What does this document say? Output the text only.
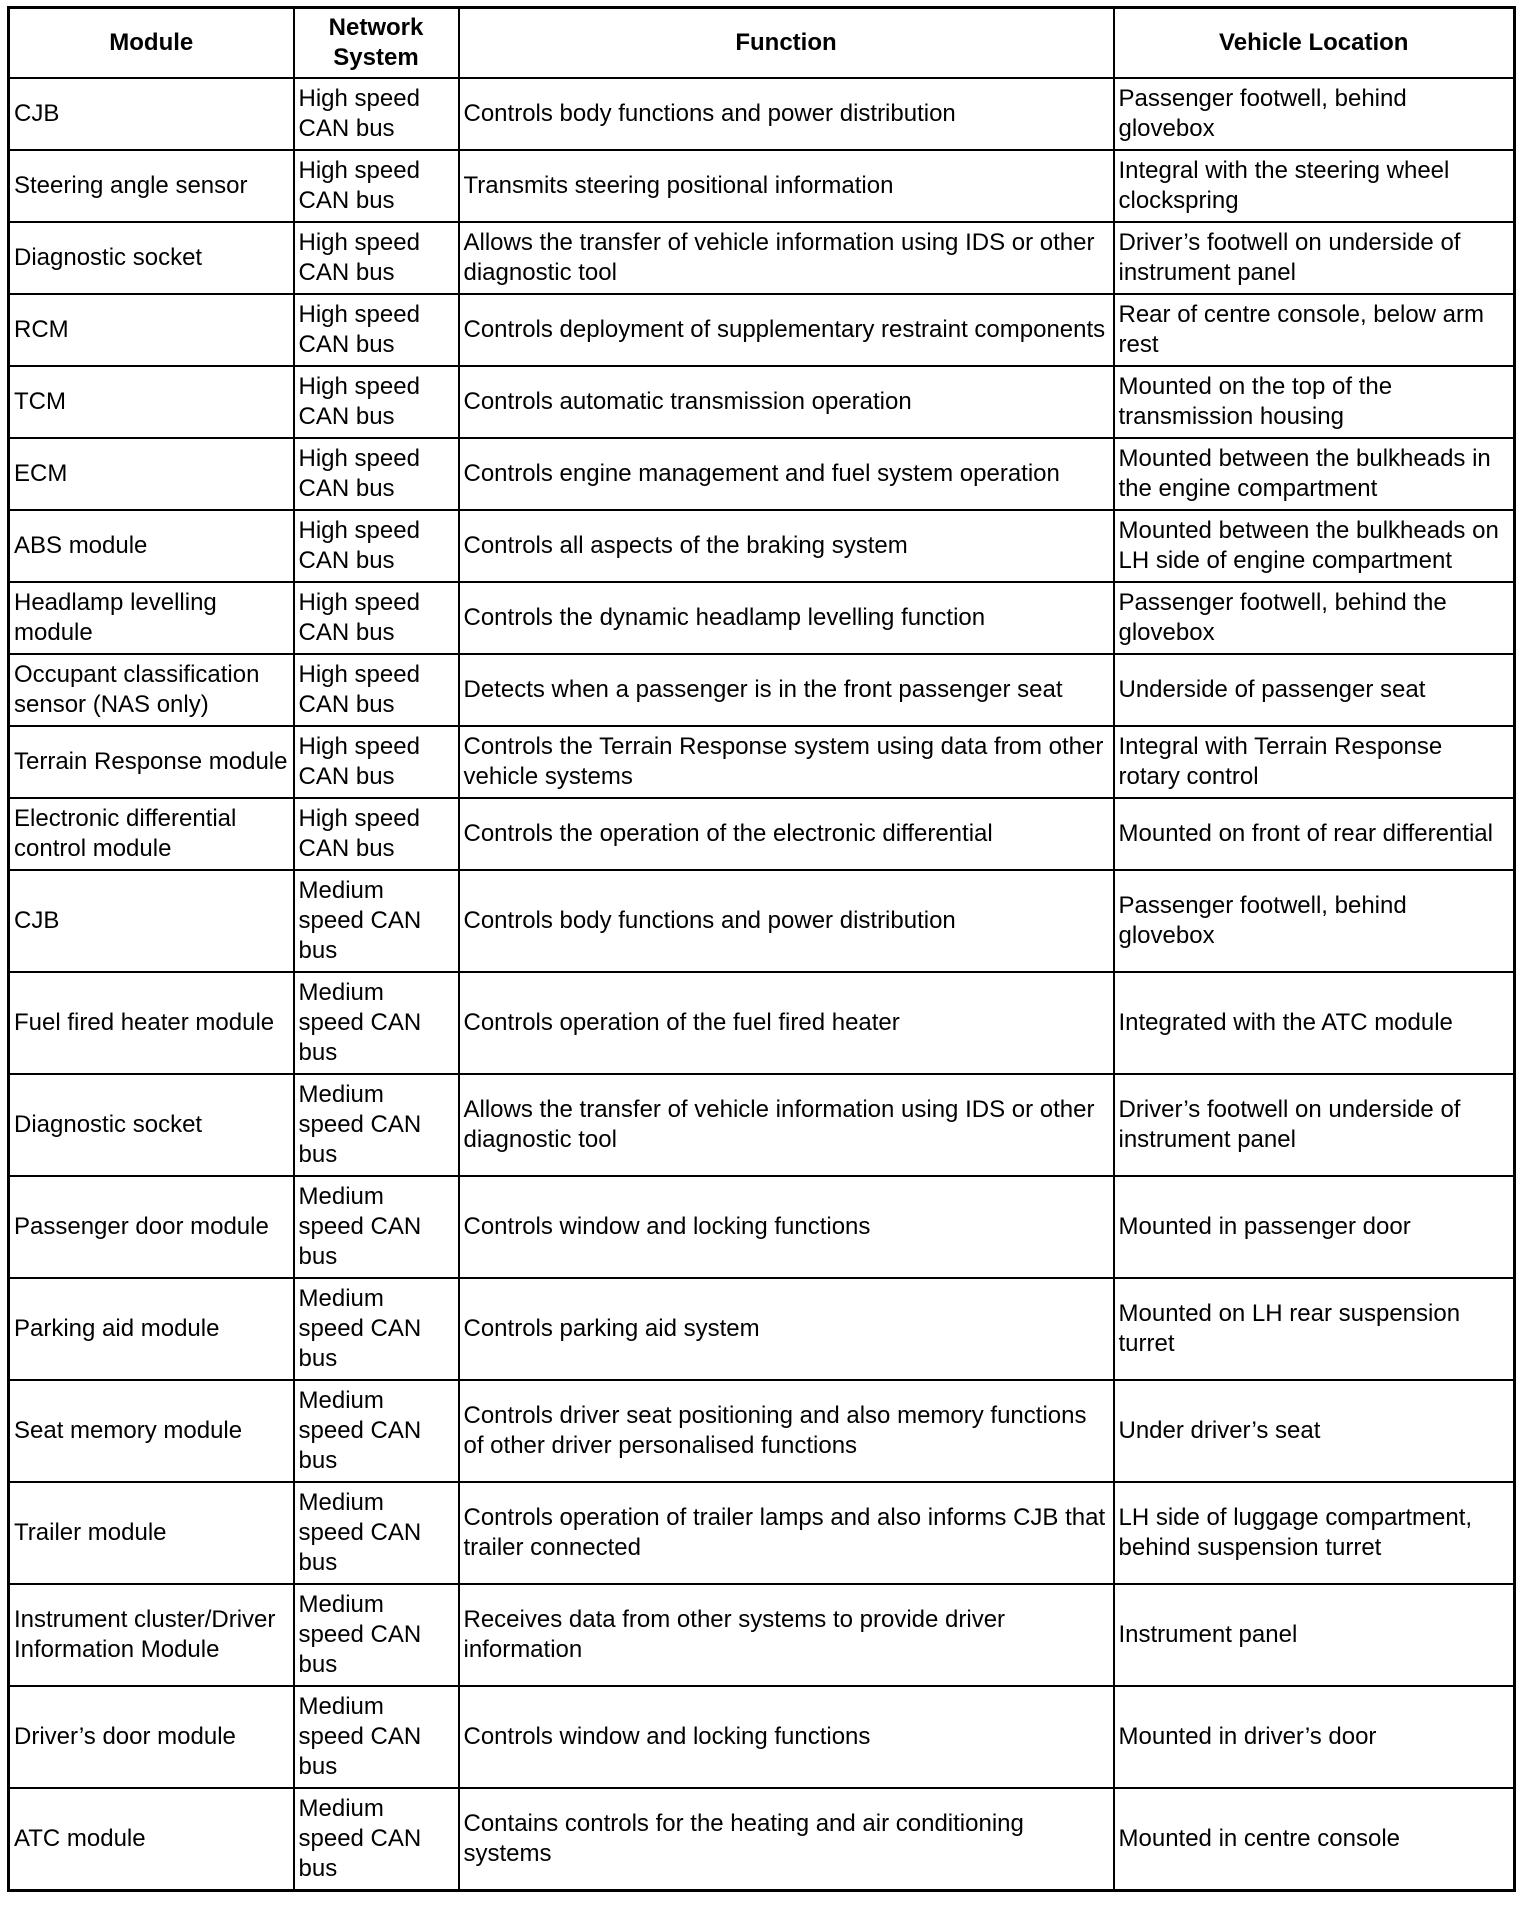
Module	Network System	Function	Vehicle Location
CJB	High speed CAN bus	Controls body functions and power distribution	Passenger footwell, behind glovebox
Steering angle sensor	High speed CAN bus	Transmits steering positional information	Integral with the steering wheel clockspring
Diagnostic socket	High speed CAN bus	Allows the transfer of vehicle information using IDS or other diagnostic tool	Driver’s footwell on underside of instrument panel
RCM	High speed CAN bus	Controls deployment of supplementary restraint components	Rear of centre console, below arm rest
TCM	High speed CAN bus	Controls automatic transmission operation	Mounted on the top of the transmission housing
ECM	High speed CAN bus	Controls engine management and fuel system operation	Mounted between the bulkheads in the engine compartment
ABS module	High speed CAN bus	Controls all aspects of the braking system	Mounted between the bulkheads on LH side of engine compartment
Headlamp levelling module	High speed CAN bus	Controls the dynamic headlamp levelling function	Passenger footwell, behind the glovebox
Occupant classification sensor (NAS only)	High speed CAN bus	Detects when a passenger is in the front passenger seat	Underside of passenger seat
Terrain Response module	High speed CAN bus	Controls the Terrain Response system using data from other vehicle systems	Integral with Terrain Response rotary control
Electronic differential control module	High speed CAN bus	Controls the operation of the electronic differential	Mounted on front of rear differential
CJB	Medium speed CAN bus	Controls body functions and power distribution	Passenger footwell, behind glovebox
Fuel fired heater module	Medium speed CAN bus	Controls operation of the fuel fired heater	Integrated with the ATC module
Diagnostic socket	Medium speed CAN bus	Allows the transfer of vehicle information using IDS or other diagnostic tool	Driver’s footwell on underside of instrument panel
Passenger door module	Medium speed CAN bus	Controls window and locking functions	Mounted in passenger door
Parking aid module	Medium speed CAN bus	Controls parking aid system	Mounted on LH rear suspension turret
Seat memory module	Medium speed CAN bus	Controls driver seat positioning and also memory functions of other driver personalised functions	Under driver’s seat
Trailer module	Medium speed CAN bus	Controls operation of trailer lamps and also informs CJB that trailer connected	LH side of luggage compartment, behind suspension turret
Instrument cluster/Driver Information Module	Medium speed CAN bus	Receives data from other systems to provide driver information	Instrument panel
Driver’s door module	Medium speed CAN bus	Controls window and locking functions	Mounted in driver’s door
ATC module	Medium speed CAN bus	Contains controls for the heating and air conditioning systems	Mounted in centre console
